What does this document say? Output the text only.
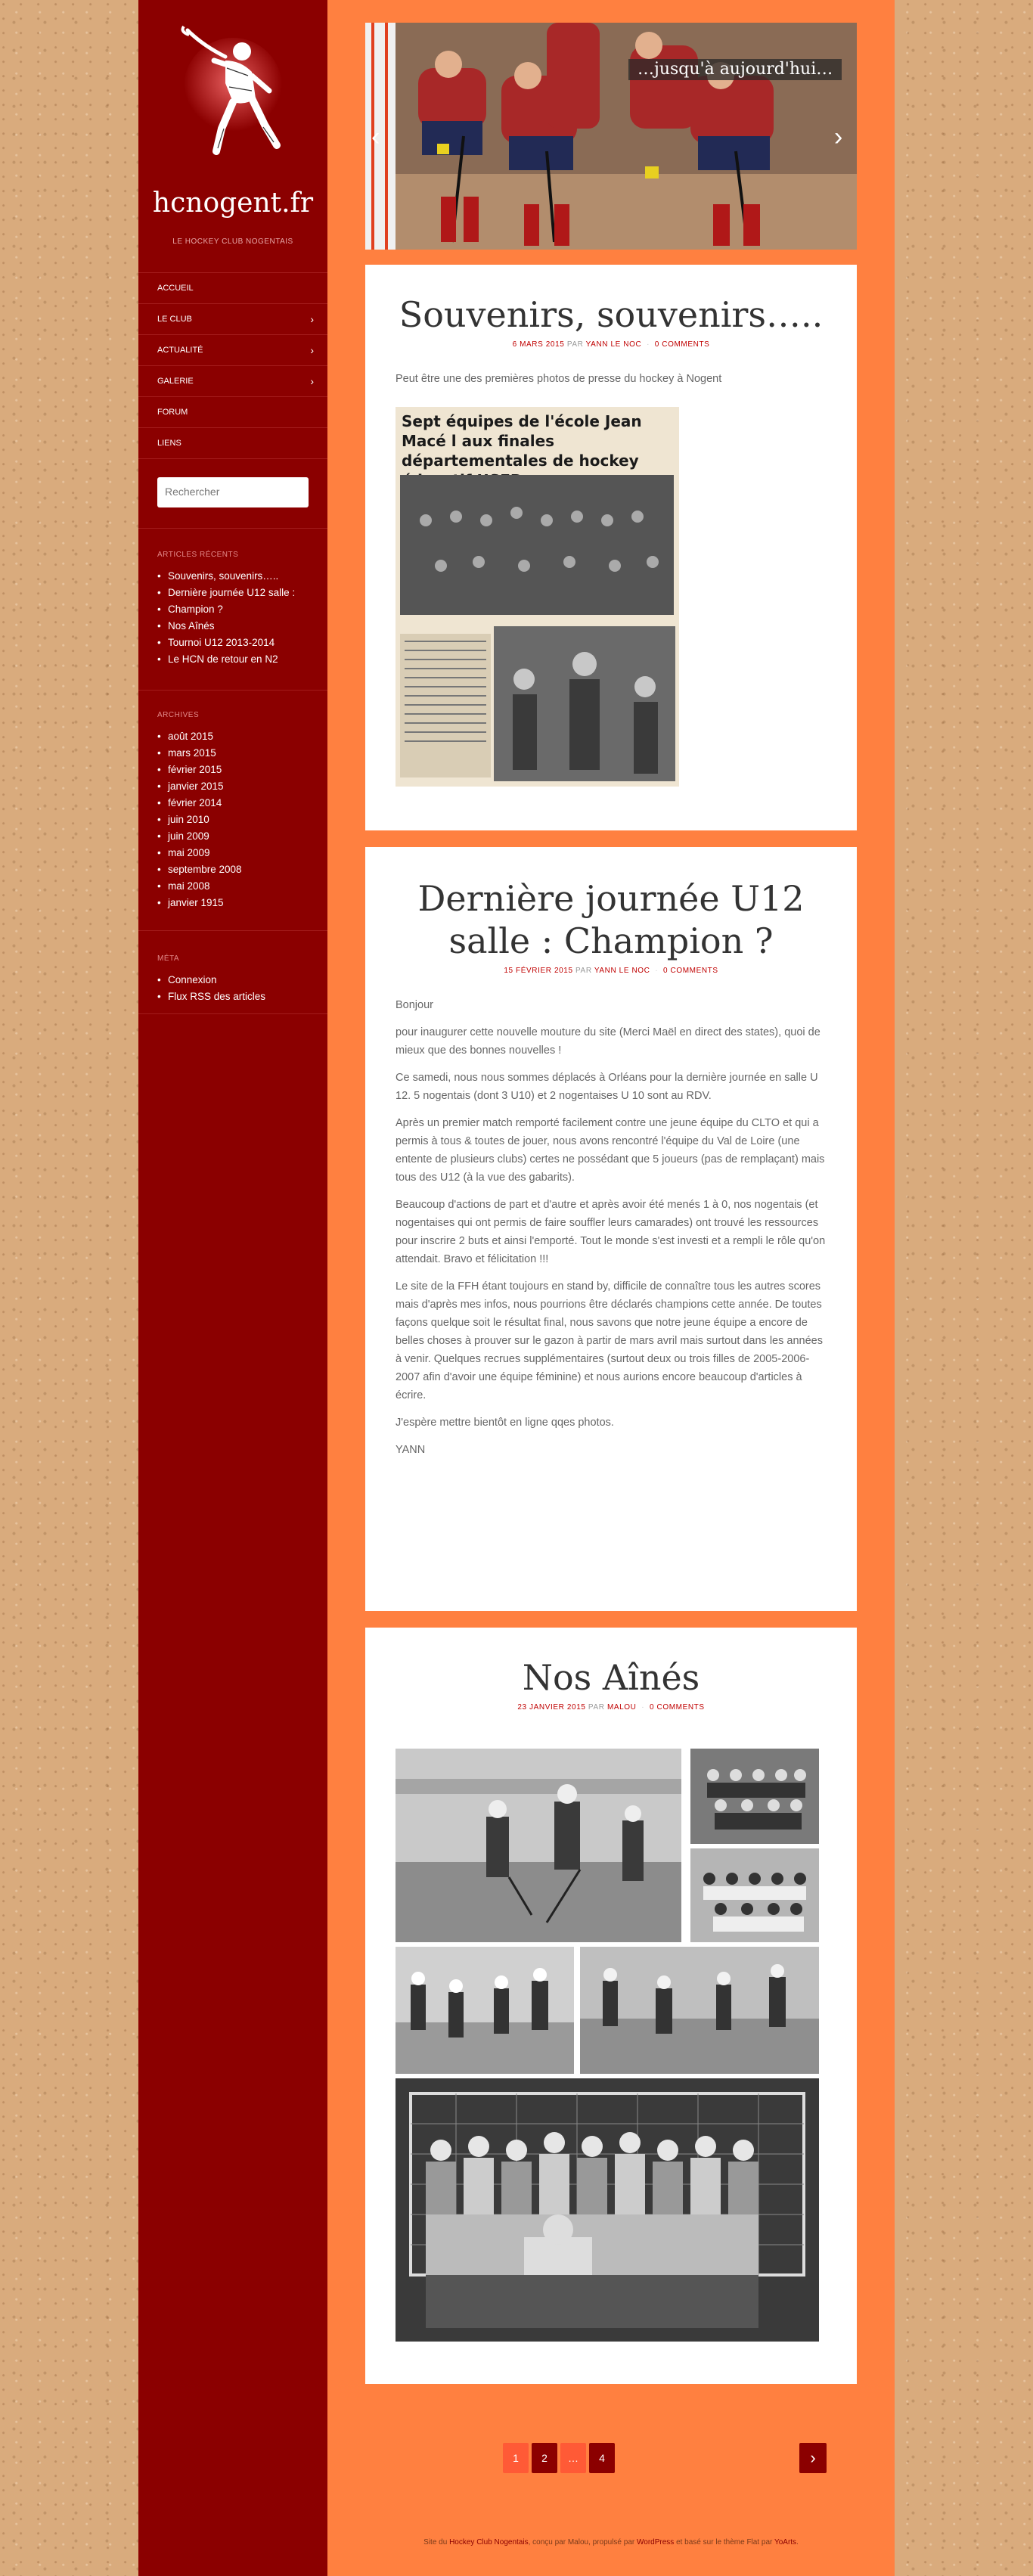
hcnogent.fr
LE HOCKEY CLUB NOGENTAIS
ACCUEIL
LE CLUB	›
ACTUALITÉ	›
GALERIE	›
FORUM
LIENS
Rechercher
ARTICLES RÉCENTS
• Souvenirs, souvenirs…..
• Dernière journée U12 salle :
• Champion ?
• Nos Aînés
• Tournoi U12 2013-2014
• Le HCN de retour en N2
ARCHIVES
• août 2015
• mars 2015
• février 2015
• janvier 2015
• février 2014
• juin 2010
• juin 2009
• mai 2009
• septembre 2008
• mai 2008
• janvier 1915
MÉTA
• Connexion
• Flux RSS des articles
…jusqu'à aujourd'hui…
‹	›
Souvenirs, souvenirs…..
6 MARS 2015 PAR YANN LE NOC  ·  0 COMMENTS

Peut être une des premières photos de presse du hockey à Nogent

Sept équipes de l'école Jean Macé l aux finales départementales de hockey
Dernière journée U12 salle : Champion ?
15 FÉVRIER 2015 PAR YANN LE NOC  ·  0 COMMENTS

Bonjour

pour inaugurer cette nouvelle mouture du site (Merci Maël en direct des states), quoi de mieux que des bonnes nouvelles !

Ce samedi, nous nous sommes déplacés à Orléans pour la dernière journée en salle U 12. 5 nogentais (dont 3 U10) et 2 nogentaises U 10 sont au RDV.

Après un premier match remporté facilement contre une jeune équipe du CLTO et qui a permis à tous & toutes de jouer, nous avons rencontré l'équipe du Val de Loire (une entente de plusieurs clubs) certes ne possédant que 5 joueurs (pas de remplaçant) mais tous des U12 (à la vue des gabarits).

Beaucoup d'actions de part et d'autre et après avoir été menés 1 à 0, nos nogentais (et nogentaises qui ont permis de faire souffler leurs camarades) ont trouvé les ressources pour inscrire 2 buts et ainsi l'emporté. Tout le monde s'est investi et a rempli le rôle qu'on attendait. Bravo et félicitation !!!

Le site de la FFH étant toujours en stand by, difficile de connaître tous les autres scores mais d'après mes infos, nous pourrions être déclarés champions cette année. De toutes façons quelque soit le résultat final, nous savons que notre jeune équipe a encore de belles choses à prouver sur le gazon à partir de mars avril mais surtout dans les années à venir. Quelques recrues supplémentaires (surtout deux ou trois filles de 2005-2006-2007 afin d'avoir une équipe féminine) et nous aurions encore beaucoup d'articles à écrire.

J'espère mettre bientôt en ligne qqes photos.

YANN

Nos Aînés
23 JANVIER 2015 PAR MALOU  ·  0 COMMENTS
1	2	…	4	›
Site du Hockey Club Nogentais, conçu par Malou, propulsé par WordPress et basé sur le thème Flat par YoArts.
